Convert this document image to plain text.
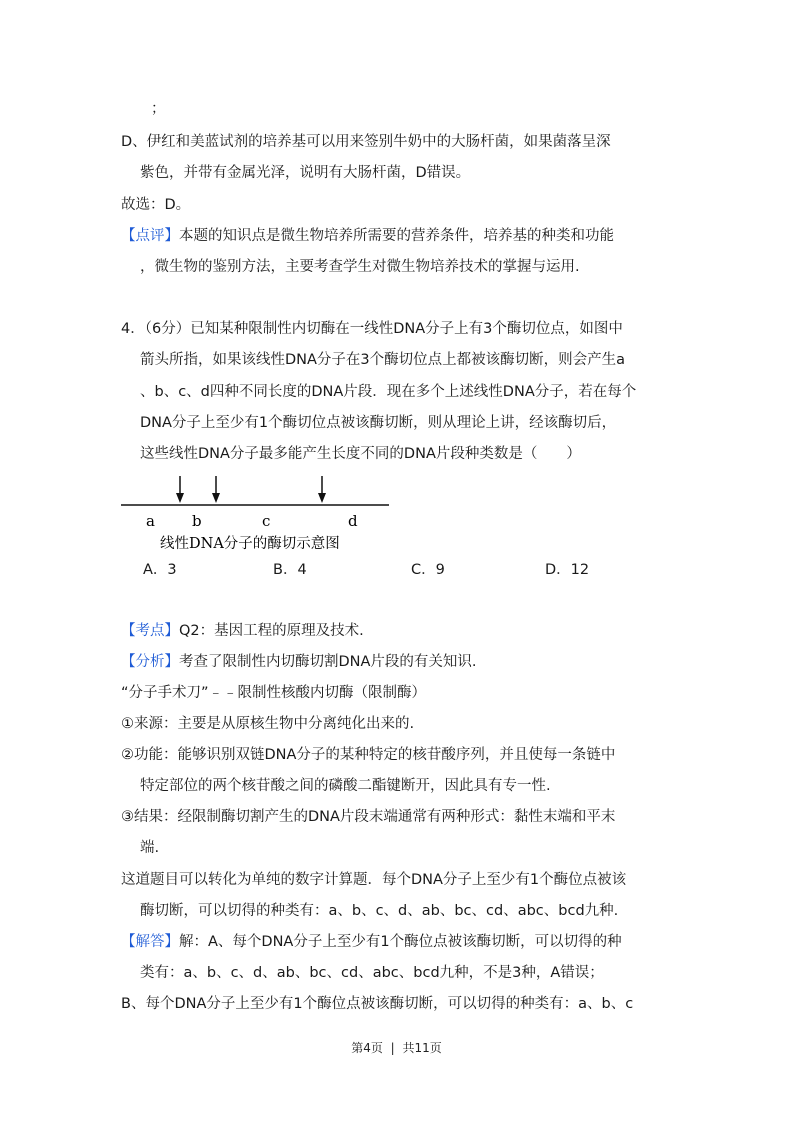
；
D、伊红和美蓝试剂的培养基可以用来签别牛奶中的大肠杆菌，如果菌落呈深
紫色，并带有金属光泽，说明有大肠杆菌，D错误。
故选：D。
【点评】本题的知识点是微生物培养所需要的营养条件，培养基的种类和功能
，微生物的鉴别方法，主要考查学生对微生物培养技术的掌握与运用.
4．（6分）已知某种限制性内切酶在一线性DNA分子上有3个酶切位点，如图中
箭头所指，如果该线性DNA分子在3个酶切位点上都被该酶切断，则会产生a
、b、c、d四种不同长度的DNA片段．现在多个上述线性DNA分子，若在每个
DNA分子上至少有1个酶切位点被该酶切断，则从理论上讲，经该酶切后，
这些线性DNA分子最多能产生长度不同的DNA片段种类数是（　　）
【考点】Q2：基因工程的原理及技术.
【分析】考查了限制性内切酶切割DNA片段的有关知识.
“分子手术刀”﹣﹣限制性核酸内切酶（限制酶）
①来源：主要是从原核生物中分离纯化出来的.
②功能：能够识别双链DNA分子的某种特定的核苷酸序列，并且使每一条链中
特定部位的两个核苷酸之间的磷酸二酯键断开，因此具有专一性.
③结果：经限制酶切割产生的DNA片段末端通常有两种形式：黏性末端和平末
端.
这道题目可以转化为单纯的数字计算题．每个DNA分子上至少有1个酶位点被该
酶切断，可以切得的种类有：a、b、c、d、ab、bc、cd、abc、bcd九种.
【解答】解：A、每个DNA分子上至少有1个酶位点被该酶切断，可以切得的种
类有：a、b、c、d、ab、bc、cd、abc、bcd九种，不是3种，A错误；
B、每个DNA分子上至少有1个酶位点被该酶切断，可以切得的种类有：a、b、c
a b	c	d
线性DNA分子的酶切示意图
A．3	B．4	C．9	D．12
第4页 | 共11页
